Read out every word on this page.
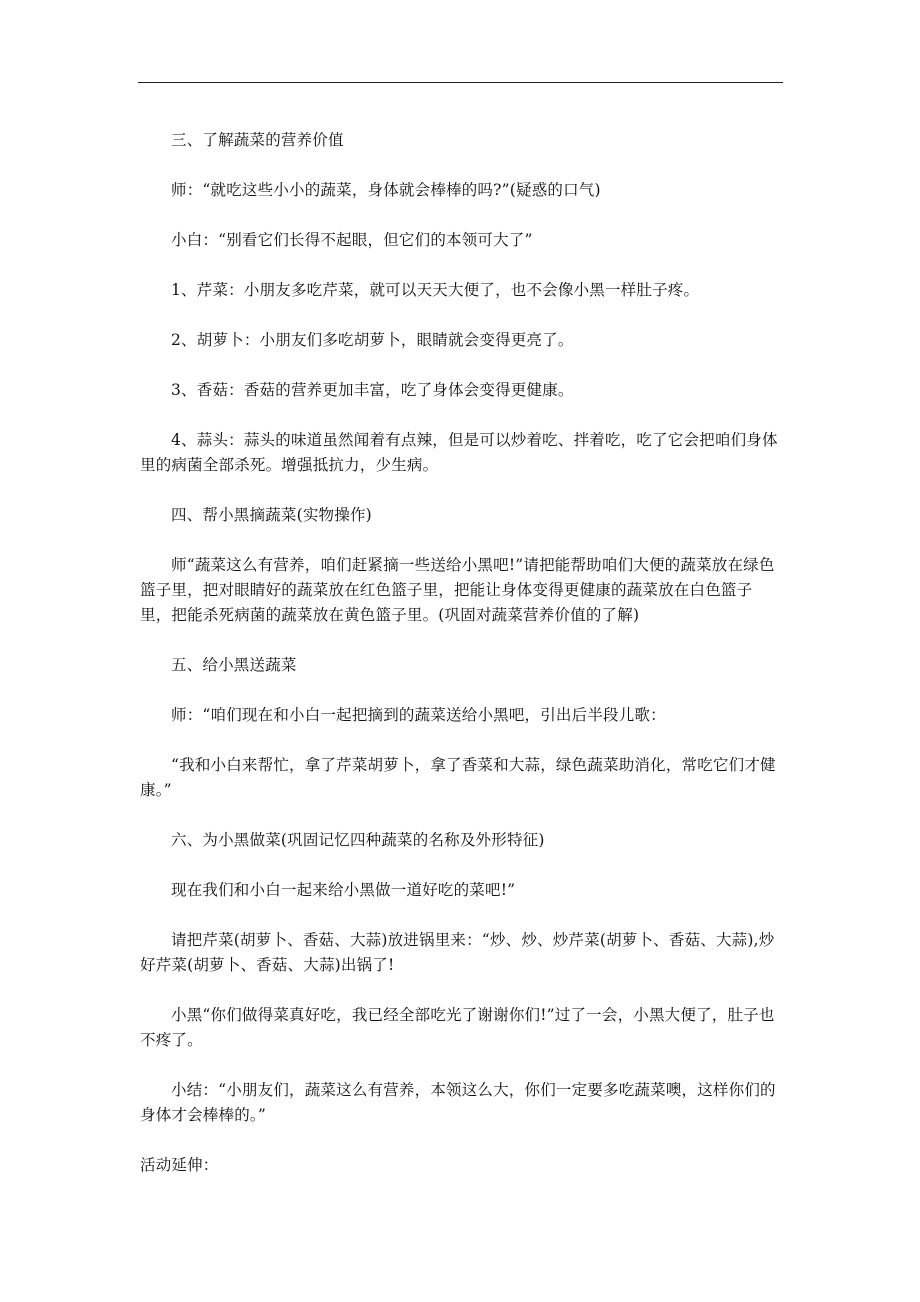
三、了解蔬菜的营养价值

师：“就吃这些小小的蔬菜，身体就会棒棒的吗?”(疑惑的口气)

小白：“别看它们长得不起眼，但它们的本领可大了”

1、芹菜：小朋友多吃芹菜，就可以天天大便了，也不会像小黑一样肚子疼。

2、胡萝卜：小朋友们多吃胡萝卜，眼睛就会变得更亮了。

3、香菇：香菇的营养更加丰富，吃了身体会变得更健康。

4、蒜头：蒜头的味道虽然闻着有点辣，但是可以炒着吃、拌着吃，吃了它会把咱们身体里的病菌全部杀死。增强抵抗力，少生病。

四、帮小黑摘蔬菜(实物操作)

师“蔬菜这么有营养，咱们赶紧摘一些送给小黑吧!”请把能帮助咱们大便的蔬菜放在绿色篮子里，把对眼睛好的蔬菜放在红色篮子里，把能让身体变得更健康的蔬菜放在白色篮子里，把能杀死病菌的蔬菜放在黄色篮子里。(巩固对蔬菜营养价值的了解)

五、给小黑送蔬菜

师：“咱们现在和小白一起把摘到的蔬菜送给小黑吧，引出后半段儿歌：

“我和小白来帮忙，拿了芹菜胡萝卜，拿了香菜和大蒜，绿色蔬菜助消化，常吃它们才健康。”

六、为小黑做菜(巩固记忆四种蔬菜的名称及外形特征)

现在我们和小白一起来给小黑做一道好吃的菜吧!”

请把芹菜(胡萝卜、香菇、大蒜)放进锅里来：“炒、炒、炒芹菜(胡萝卜、香菇、大蒜),炒好芹菜(胡萝卜、香菇、大蒜)出锅了!

小黑“你们做得菜真好吃，我已经全部吃光了谢谢你们!”过了一会，小黑大便了，肚子也不疼了。

小结：“小朋友们，蔬菜这么有营养，本领这么大，你们一定要多吃蔬菜噢，这样你们的身体才会棒棒的。”

活动延伸：
